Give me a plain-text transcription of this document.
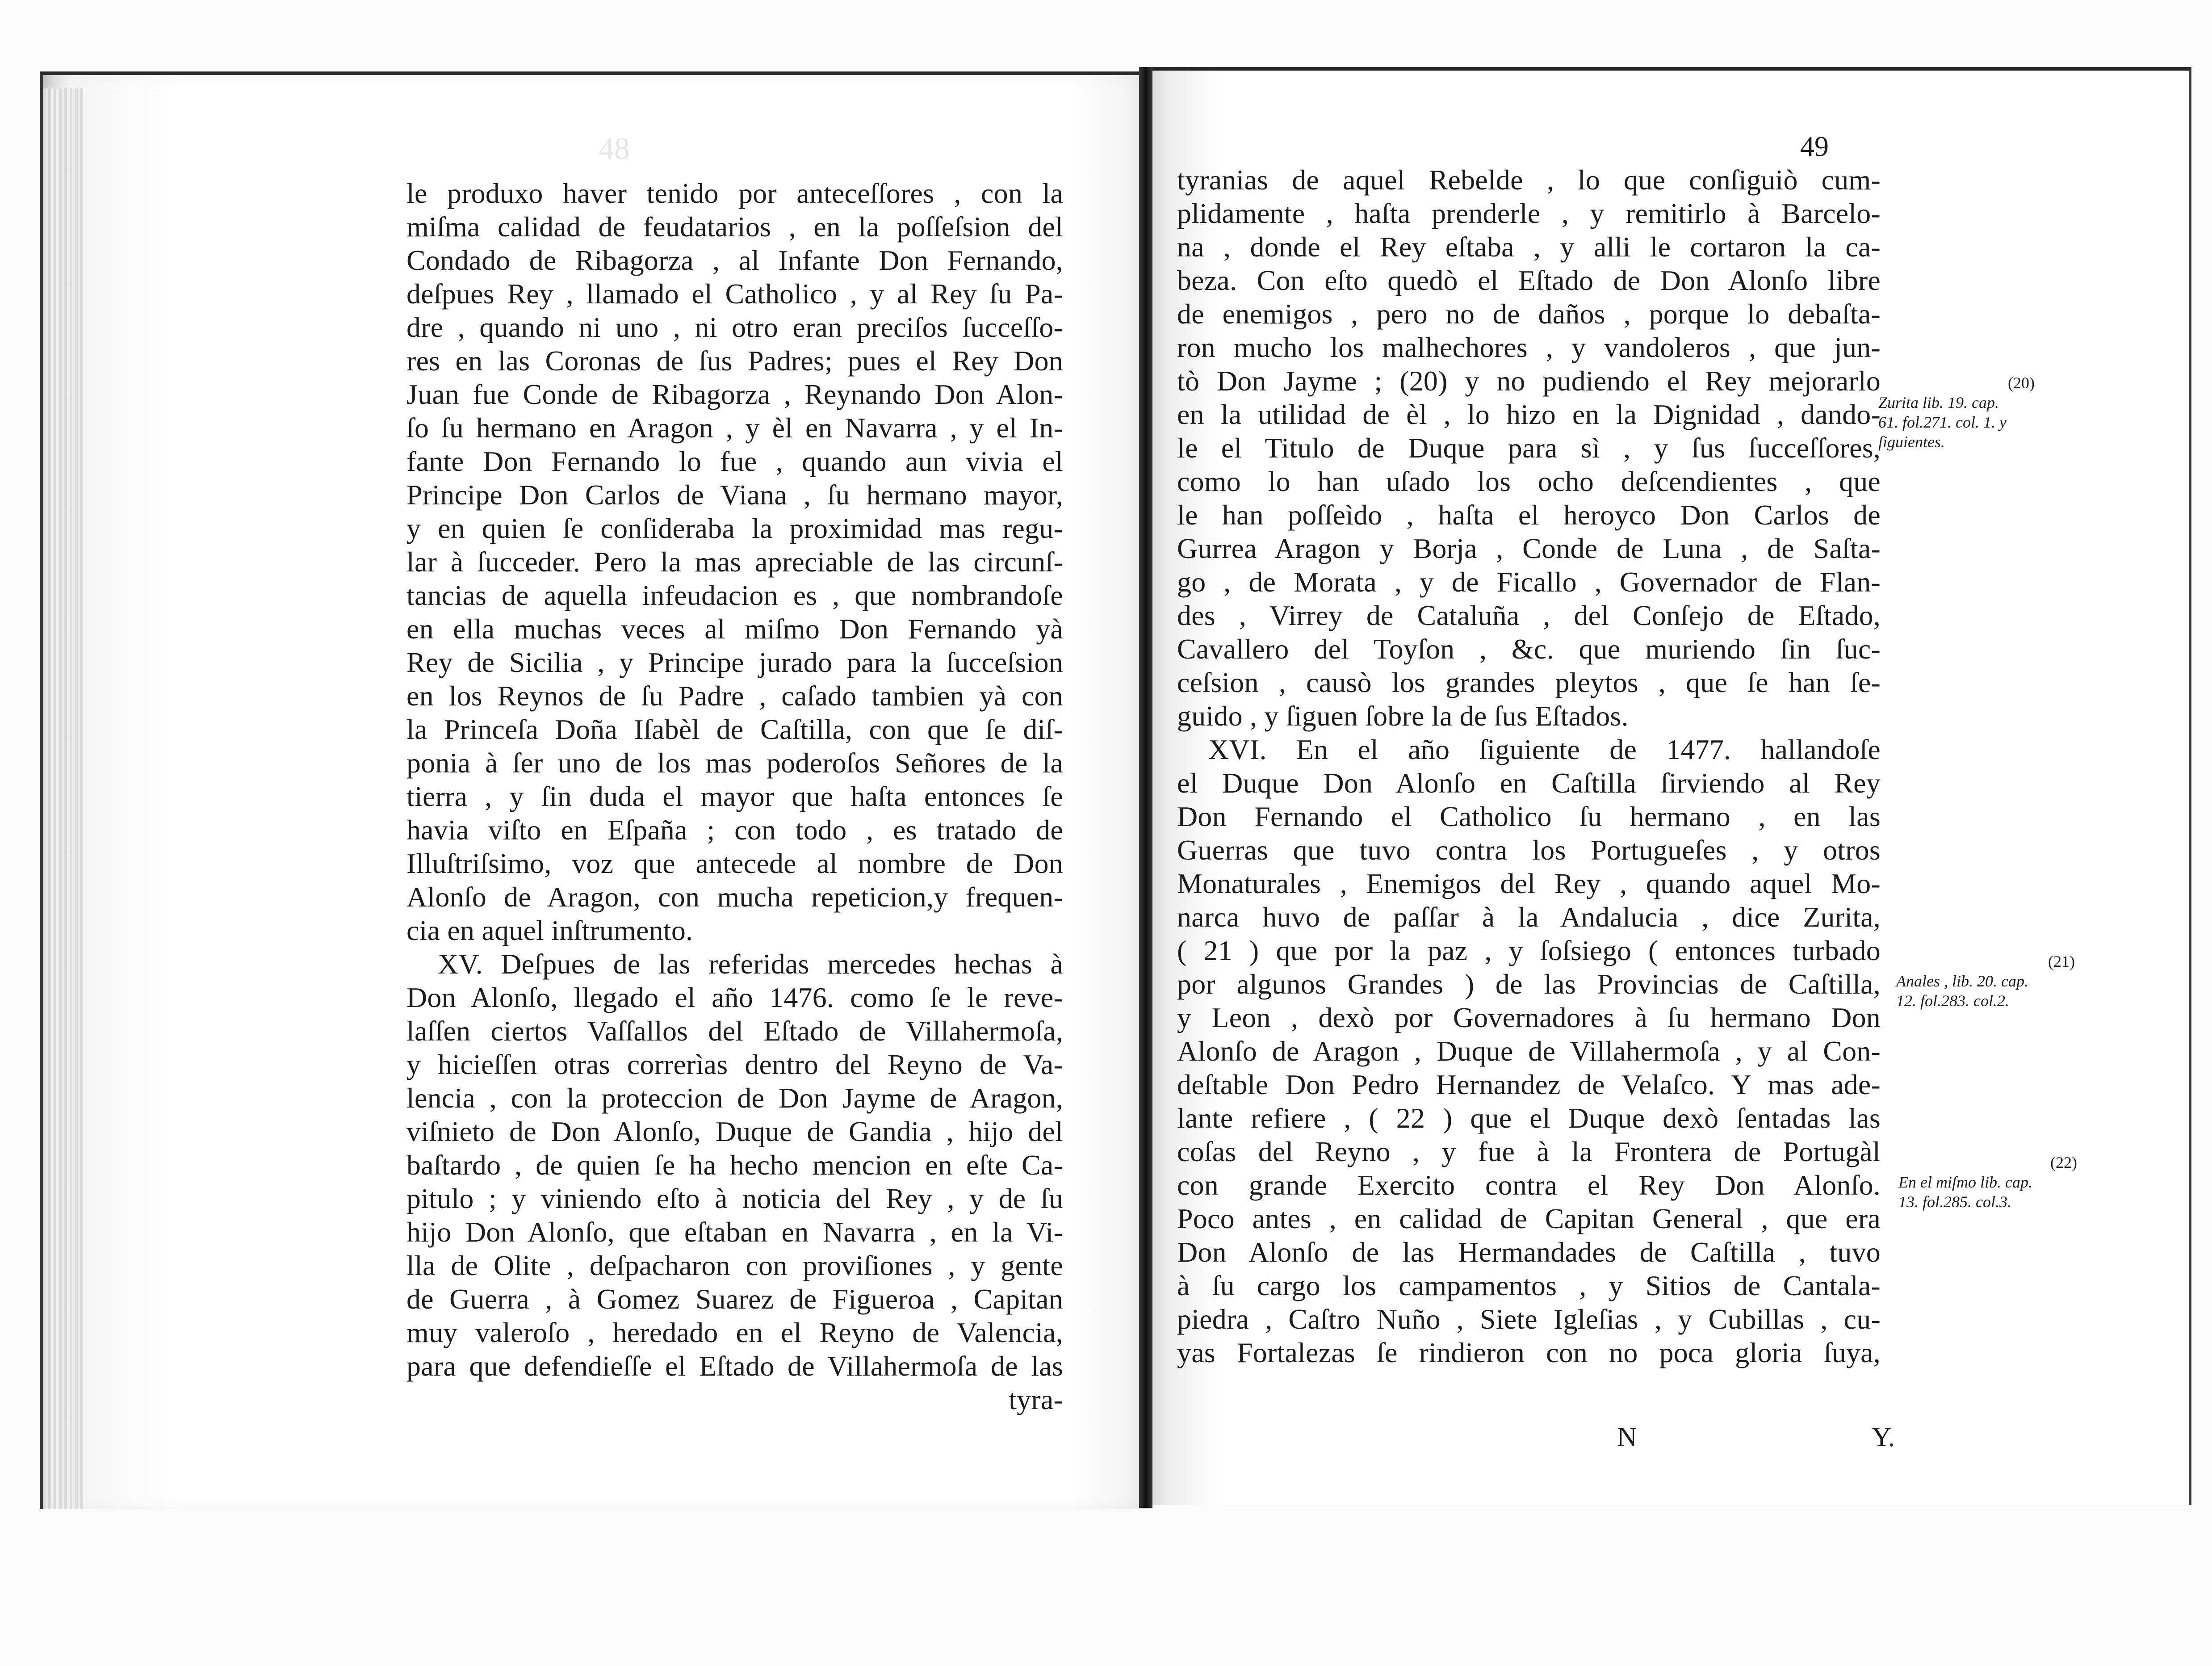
48
le produxo haver tenido por anteceſſores , con la
miſma calidad de feudatarios , en la poſſeſsion del
Condado de Ribagorza , al Infante Don Fernando,
deſpues Rey , llamado el Catholico , y al Rey ſu Pa-
dre , quando ni uno , ni otro eran preciſos ſucceſſo-
res en las Coronas de ſus Padres; pues el Rey Don
Juan fue Conde de Ribagorza , Reynando Don Alon-
ſo ſu hermano en Aragon , y èl en Navarra , y el In-
fante Don Fernando lo fue , quando aun vivia el
Principe Don Carlos de Viana , ſu hermano mayor,
y en quien ſe conſideraba la proximidad mas regu-
lar à ſucceder. Pero la mas apreciable de las circunſ-
tancias de aquella infeudacion es , que nombrandoſe
en ella muchas veces al miſmo Don Fernando yà
Rey de Sicilia , y Principe jurado para la ſucceſsion
en los Reynos de ſu Padre , caſado tambien yà con
la Princeſa Doña Iſabèl de Caſtilla, con que ſe diſ-
ponia à ſer uno de los mas poderoſos Señores de la
tierra , y ſin duda el mayor que haſta entonces ſe
havia viſto en Eſpaña ; con todo , es tratado de
Illuſtriſsimo, voz que antecede al nombre de Don
Alonſo de Aragon, con mucha repeticion,y frequen-
cia en aquel inſtrumento.
XV. Deſpues de las referidas mercedes hechas à
Don Alonſo, llegado el año 1476. como ſe le reve-
laſſen ciertos Vaſſallos del Eſtado de Villahermoſa,
y hicieſſen otras correrìas dentro del Reyno de Va-
lencia , con la proteccion de Don Jayme de Aragon,
viſnieto de Don Alonſo, Duque de Gandia , hijo del
baſtardo , de quien ſe ha hecho mencion en eſte Ca-
pitulo ; y viniendo eſto à noticia del Rey , y de ſu
hijo Don Alonſo, que eſtaban en Navarra , en la Vi-
lla de Olite , deſpacharon con proviſiones , y gente
de Guerra , à Gomez Suarez de Figueroa , Capitan
muy valeroſo , heredado en el Reyno de Valencia,
para que defendieſſe el Eſtado de Villahermoſa de las
tyra-
49
tyranias de aquel Rebelde , lo que conſiguiò cum-
plidamente , haſta prenderle , y remitirlo à Barcelo-
na , donde el Rey eſtaba , y alli le cortaron la ca-
beza. Con eſto quedò el Eſtado de Don Alonſo libre
de enemigos , pero no de daños , porque lo debaſta-
ron mucho los malhechores , y vandoleros , que jun-
tò Don Jayme ; (20) y no pudiendo el Rey mejorarlo
en la utilidad de èl , lo hizo en la Dignidad , dando-
le el Titulo de Duque para sì , y ſus ſucceſſores,
como lo han uſado los ocho deſcendientes , que
le han poſſeìdo , haſta el heroyco Don Carlos de
Gurrea Aragon y Borja , Conde de Luna , de Saſta-
go , de Morata , y de Ficallo , Governador de Flan-
des , Virrey de Cataluña , del Conſejo de Eſtado,
Cavallero del Toyſon , &c. que muriendo ſin ſuc-
ceſsion , causò los grandes pleytos , que ſe han ſe-
guido , y ſiguen ſobre la de ſus Eſtados.
XVI. En el año ſiguiente de 1477. hallandoſe
el Duque Don Alonſo en Caſtilla ſirviendo al Rey
Don Fernando el Catholico ſu hermano , en las
Guerras que tuvo contra los Portugueſes , y otros
Monaturales , Enemigos del Rey , quando aquel Mo-
narca huvo de paſſar à la Andalucia , dice Zurita,
( 21 ) que por la paz , y ſoſsiego ( entonces turbado
por algunos Grandes ) de las Provincias de Caſtilla,
y Leon , dexò por Governadores à ſu hermano Don
Alonſo de Aragon , Duque de Villahermoſa , y al Con-
deſtable Don Pedro Hernandez de Velaſco. Y mas ade-
lante refiere , ( 22 ) que el Duque dexò ſentadas las
coſas del Reyno , y fue à la Frontera de Portugàl
con grande Exercito contra el Rey Don Alonſo.
Poco antes , en calidad de Capitan General , que era
Don Alonſo de las Hermandades de Caſtilla , tuvo
à ſu cargo los campamentos , y Sitios de Cantala-
piedra , Caſtro Nuño , Siete Igleſias , y Cubillas , cu-
yas Fortalezas ſe rindieron con no poca gloria ſuya,
N	Y.
(20)
Zurita lib. 19. cap.
61. fol.271. col. 1. y
ſiguientes.
(21)
Anales , lib. 20. cap.
12. fol.283. col.2.
(22)
En el miſmo lib. cap.
13. fol.285. col.3.
